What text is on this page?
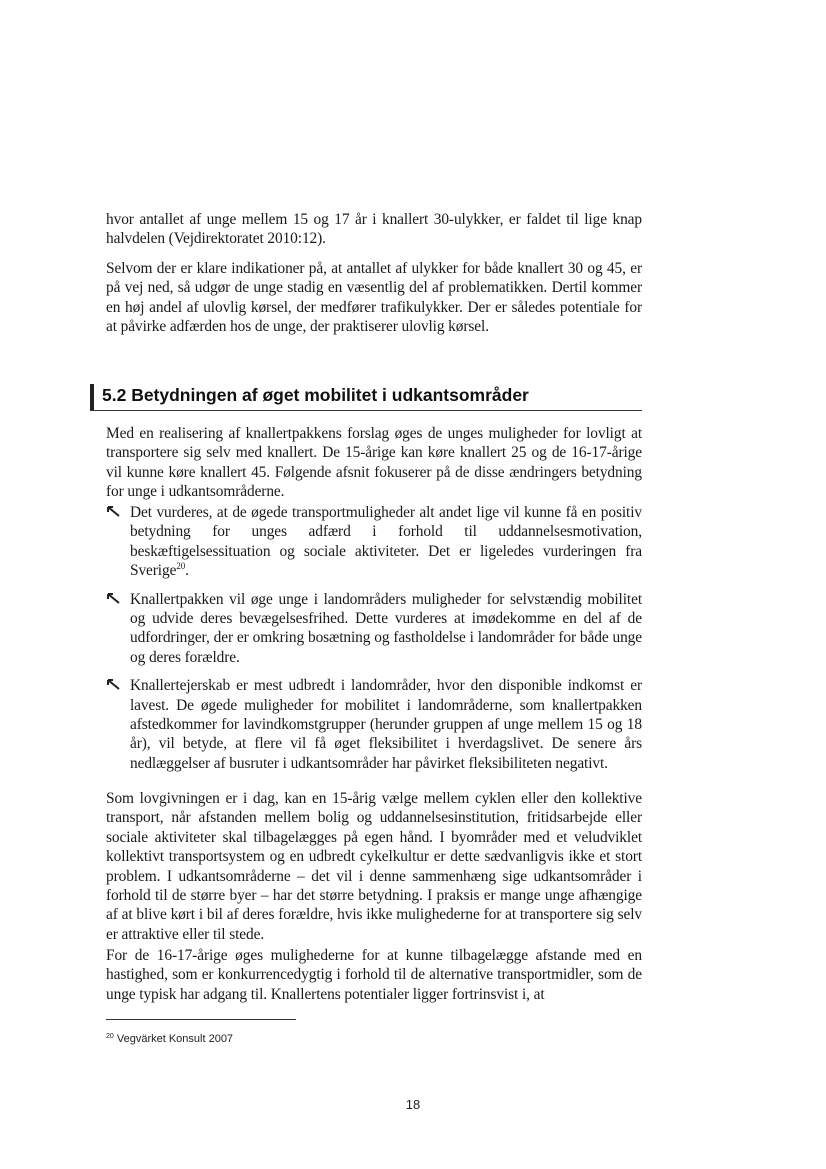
hvor antallet af unge mellem 15 og 17 år i knallert 30-ulykker, er faldet til lige knap halvdelen (Vejdirektoratet 2010:12).

Selvom der er klare indikationer på, at antallet af ulykker for både knallert 30 og 45, er på vej ned, så udgør de unge stadig en væsentlig del af problematikken. Dertil kommer en høj andel af ulovlig kørsel, der medfører trafikulykker. Der er således potentiale for at påvirke adfærden hos de unge, der praktiserer ulovlig kørsel.

5.2 Betydningen af øget mobilitet i udkantsområder

Med en realisering af knallertpakkens forslag øges de unges muligheder for lovligt at transportere sig selv med knallert. De 15-årige kan køre knallert 25 og de 16-17-årige vil kunne køre knallert 45. Følgende afsnit fokuserer på de disse ændringers betydning for unge i udkantsområderne.

Det vurderes, at de øgede transportmuligheder alt andet lige vil kunne få en positiv betydning for unges adfærd i forhold til uddannelsesmotivation, beskæftigelsessituation og sociale aktiviteter. Det er ligeledes vurderingen fra Sverige$^{20}$.

Knallertpakken vil øge unge i landområders muligheder for selvstændig mobilitet og udvide deres bevægelsesfrihed. Dette vurderes at imødekomme en del af de udfordringer, der er omkring bosætning og fastholdelse i landområder for både unge og deres forældre.

Knallertejerskab er mest udbredt i landområder, hvor den disponible indkomst er lavest. De øgede muligheder for mobilitet i landområderne, som knallertpakken afstedkommer for lavindkomstgrupper (herunder gruppen af unge mellem 15 og 18 år), vil betyde, at flere vil få øget fleksibilitet i hverdagslivet. De senere års nedlæggelser af busruter i udkantsområder har påvirket fleksibiliteten negativt.

Som lovgivningen er i dag, kan en 15-årig vælge mellem cyklen eller den kollektive transport, når afstanden mellem bolig og uddannelsesinstitution, fritidsarbejde eller sociale aktiviteter skal tilbagelægges på egen hånd. I byområder med et veludviklet kollektivt transportsystem og en udbredt cykelkultur er dette sædvanligvis ikke et stort problem. I udkantsområderne – det vil i denne sammenhæng sige udkantsområder i forhold til de større byer – har det større betydning. I praksis er mange unge afhængige af at blive kørt i bil af deres forældre, hvis ikke mulighederne for at transportere sig selv er attraktive eller til stede.

For de 16-17-årige øges mulighederne for at kunne tilbagelægge afstande med en hastighed, som er konkurrencedygtig i forhold til de alternative transportmidler, som de unge typisk har adgang til. Knallertens potentialer ligger fortrinsvist i, at

$^{20}$ Vegvärket Konsult 2007
18
